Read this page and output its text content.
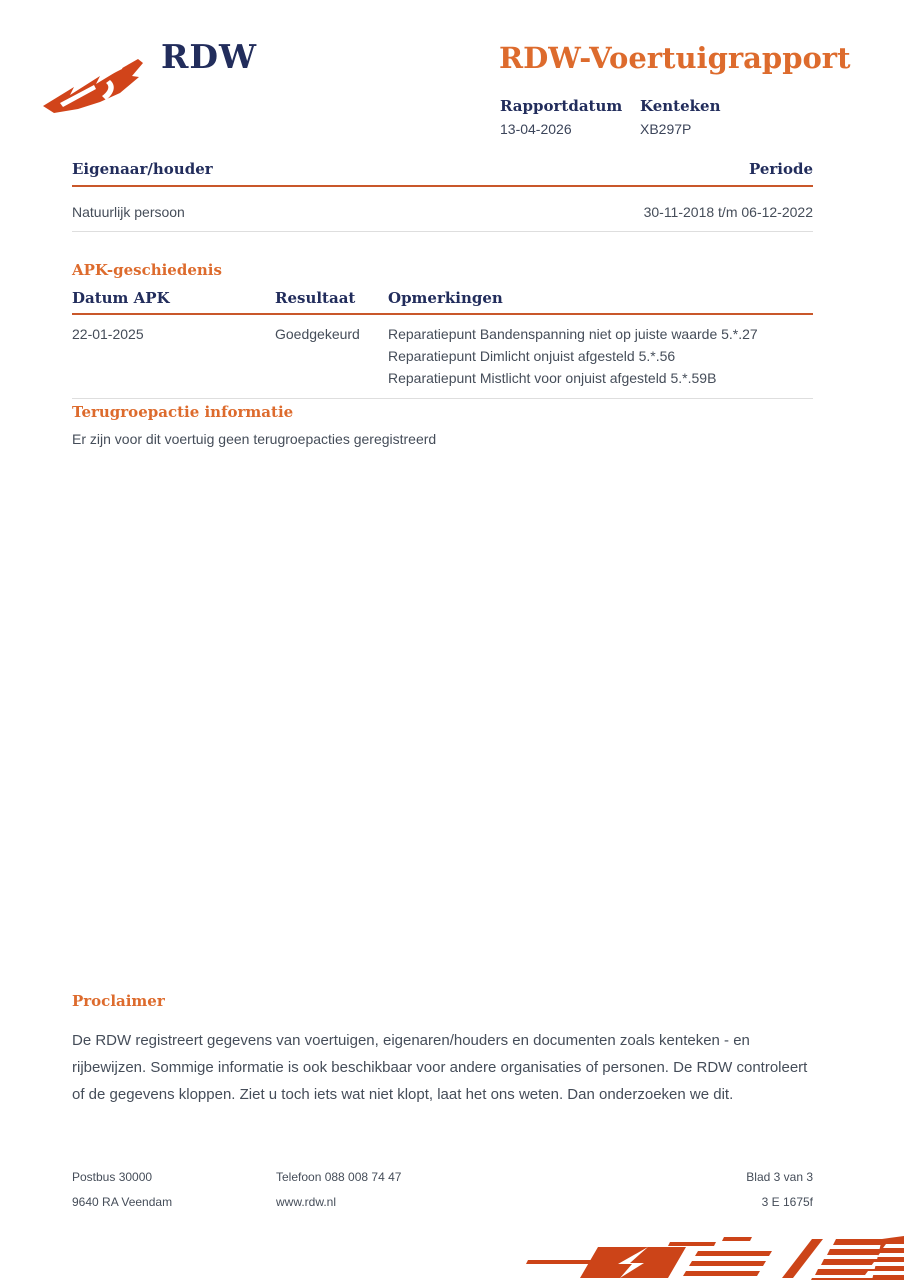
RDW	RDW-Voertuigrapport
Rapportdatum
13-04-2026
Kenteken
XB297P
Eigenaar/houder	Periode
Natuurlijk persoon	30-11-2018 t/m 06-12-2022
APK-geschiedenis
Datum APK	Resultaat	Opmerkingen
22-01-2025	Goedgekeurd	Reparatiepunt Bandenspanning niet op juiste waarde 5.*.27
Reparatiepunt Dimlicht onjuist afgesteld 5.*.56
Reparatiepunt Mistlicht voor onjuist afgesteld 5.*.59B
Terugroepactie informatie
Er zijn voor dit voertuig geen terugroepacties geregistreerd
Proclaimer

De RDW registreert gegevens van voertuigen, eigenaren/houders en documenten zoals kenteken - en rijbewijzen. Sommige informatie is ook beschikbaar voor andere organisaties of personen. De RDW controleert of de gegevens kloppen. Ziet u toch iets wat niet klopt, laat het ons weten. Dan onderzoeken we dit.

Postbus 30000	Telefoon 088 008 74 47	Blad 3 van 3
9640 RA Veendam	www.rdw.nl	3 E 1675f
